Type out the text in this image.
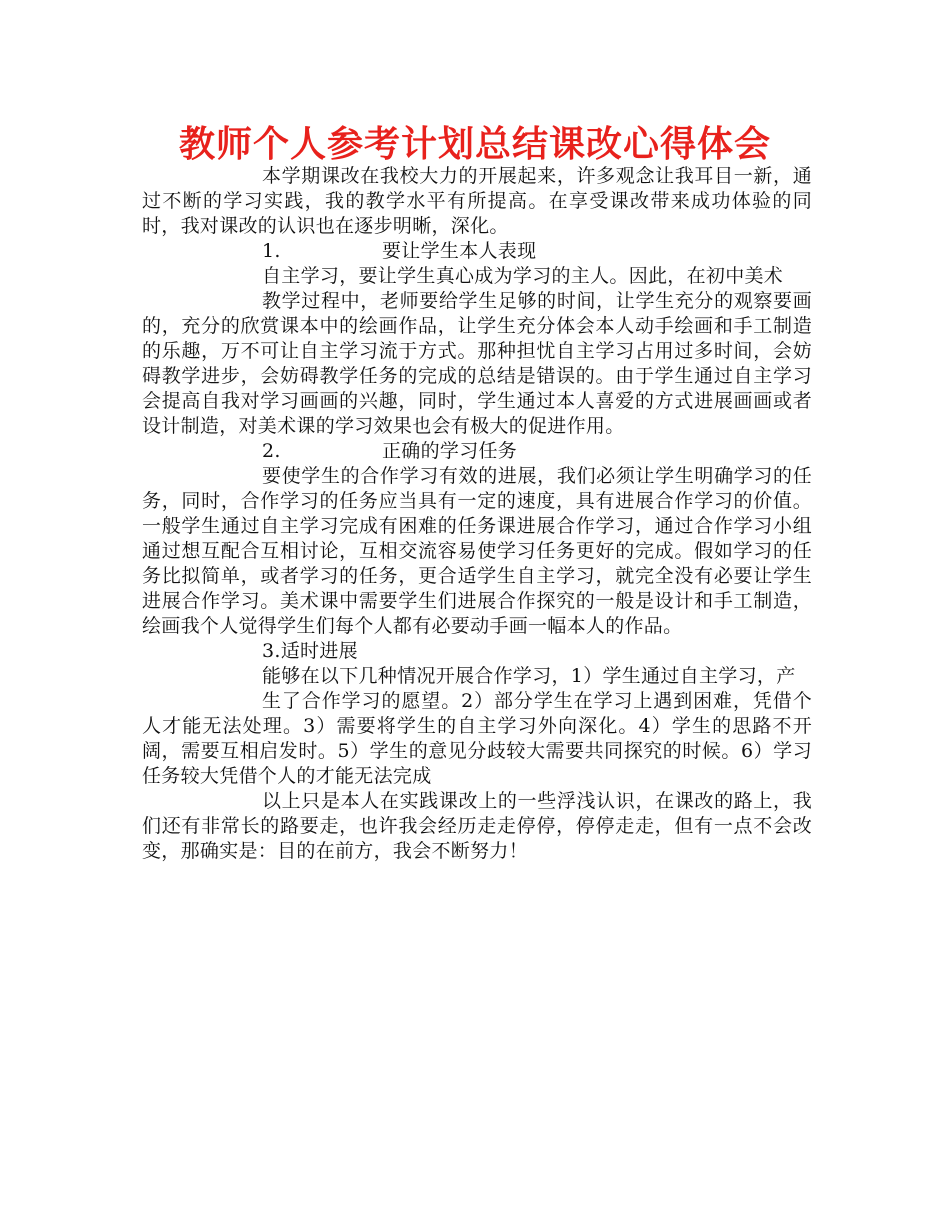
教师个人参考计划总结课改心得体会

本学期课改在我校大力的开展起来，许多观念让我耳目一新，通过不断的学习实践，我的教学水平有所提高。在享受课改带来成功体验的同时，我对课改的认识也在逐步明晰，深化。

1.	要让学生本人表现

自主学习，要让学生真心成为学习的主人。因此，在初中美术

教学过程中，老师要给学生足够的时间，让学生充分的观察要画的，充分的欣赏课本中的绘画作品，让学生充分体会本人动手绘画和手工制造的乐趣，万不可让自主学习流于方式。那种担忧自主学习占用过多时间，会妨碍教学进步，会妨碍教学任务的完成的总结是错误的。由于学生通过自主学习会提高自我对学习画画的兴趣，同时，学生通过本人喜爱的方式进展画画或者设计制造，对美术课的学习效果也会有极大的促进作用。

2.	正确的学习任务

要使学生的合作学习有效的进展，我们必须让学生明确学习的任务，同时，合作学习的任务应当具有一定的速度，具有进展合作学习的价值。一般学生通过自主学习完成有困难的任务课进展合作学习，通过合作学习小组通过想互配合互相讨论，互相交流容易使学习任务更好的完成。假如学习的任务比拟简单，或者学习的任务，更合适学生自主学习，就完全没有必要让学生进展合作学习。美术课中需要学生们进展合作探究的一般是设计和手工制造，绘画我个人觉得学生们每个人都有必要动手画一幅本人的作品。

3.适时进展

能够在以下几种情况开展合作学习，1）学生通过自主学习，产

生了合作学习的愿望。2）部分学生在学习上遇到困难，凭借个人才能无法处理。3）需要将学生的自主学习外向深化。4）学生的思路不开阔，需要互相启发时。5）学生的意见分歧较大需要共同探究的时候。6）学习任务较大凭借个人的才能无法完成

以上只是本人在实践课改上的一些浮浅认识，在课改的路上，我们还有非常长的路要走，也许我会经历走走停停，停停走走，但有一点不会改变，那确实是：目的在前方，我会不断努力！
